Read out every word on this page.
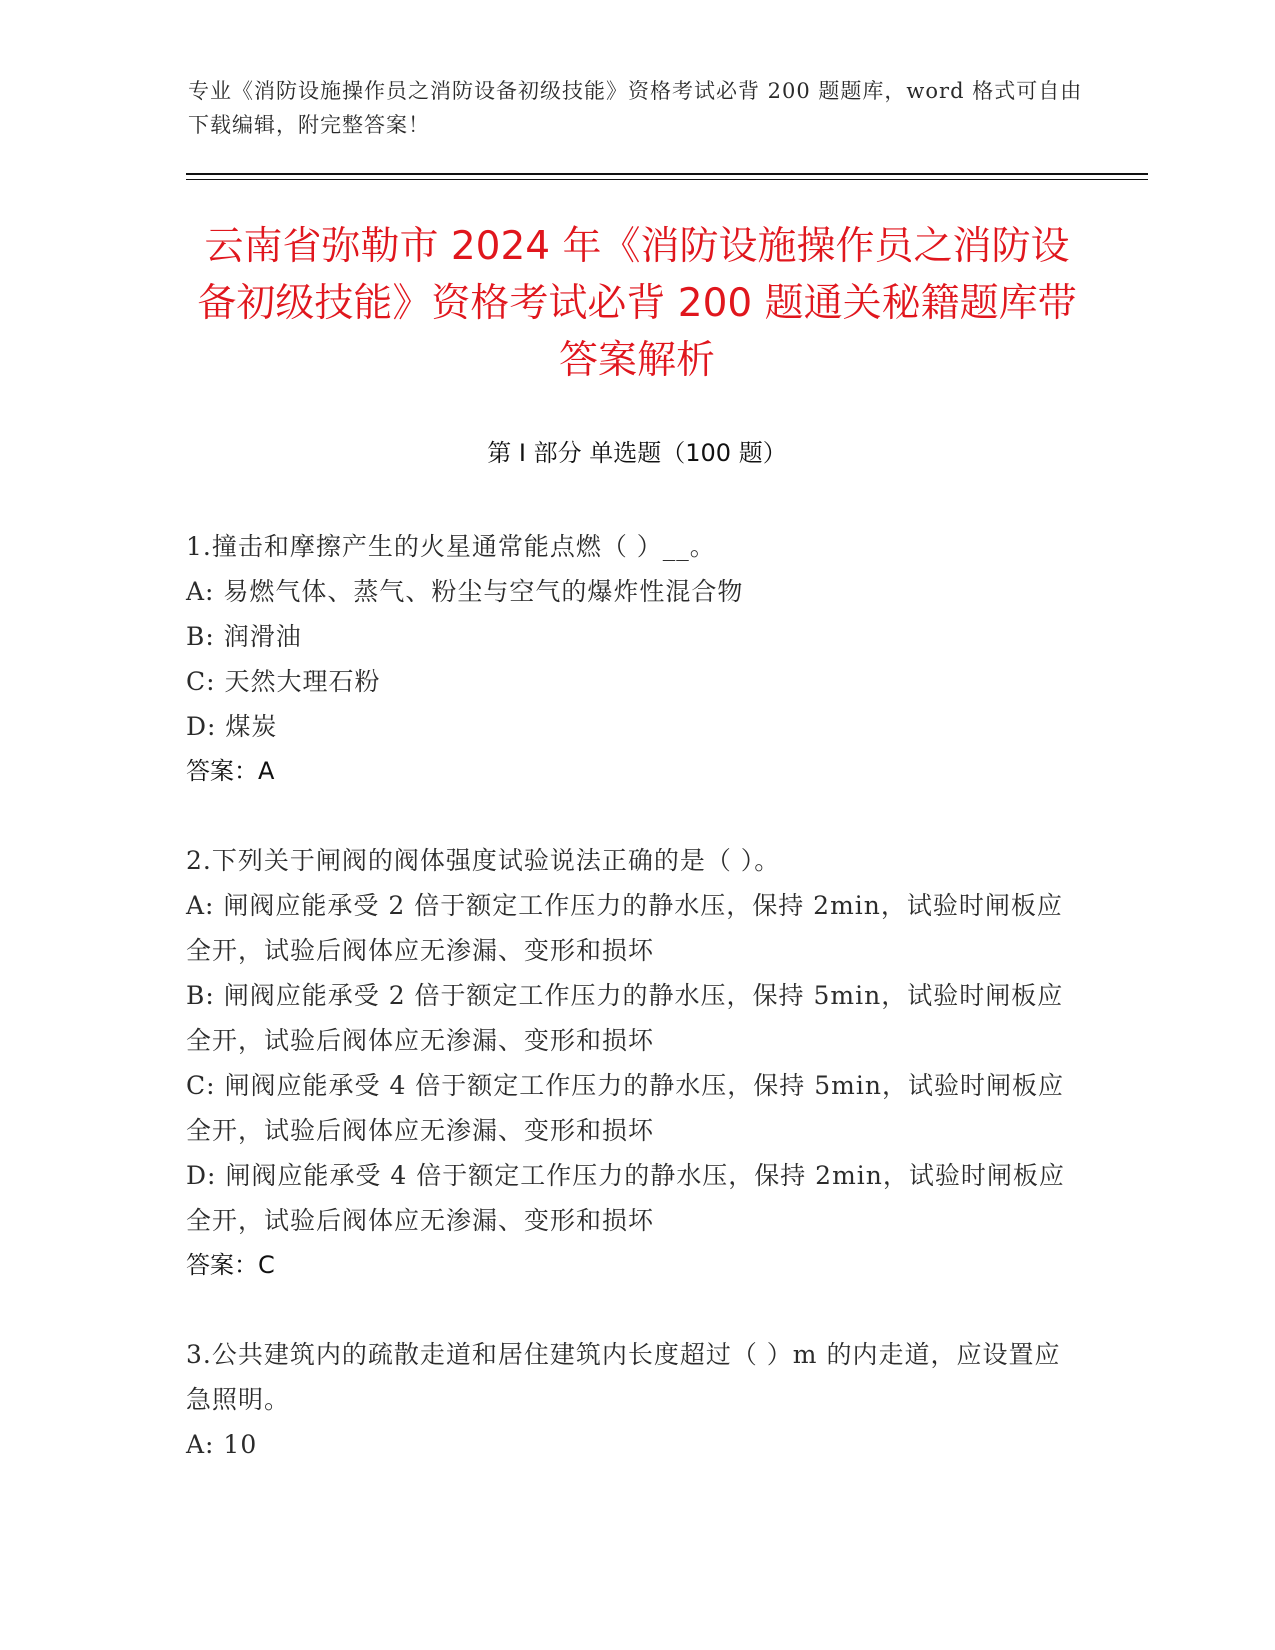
专业《消防设施操作员之消防设备初级技能》资格考试必背 200 题题库，word 格式可自由下载编辑，附完整答案！
云南省弥勒市 2024 年《消防设施操作员之消防设备初级技能》资格考试必背 200 题通关秘籍题库带答案解析
第 I 部分 单选题（100 题）

1.撞击和摩擦产生的火星通常能点燃（ ）__。

A: 易燃气体、蒸气、粉尘与空气的爆炸性混合物

B: 润滑油

C: 天然大理石粉

D: 煤炭

答案：A

2.下列关于闸阀的阀体强度试验说法正确的是（ ）。

A: 闸阀应能承受 2 倍于额定工作压力的静水压，保持 2min，试验时闸板应全开，试验后阀体应无渗漏、变形和损坏

B: 闸阀应能承受 2 倍于额定工作压力的静水压，保持 5min，试验时闸板应全开，试验后阀体应无渗漏、变形和损坏

C: 闸阀应能承受 4 倍于额定工作压力的静水压，保持 5min，试验时闸板应全开，试验后阀体应无渗漏、变形和损坏

D: 闸阀应能承受 4 倍于额定工作压力的静水压，保持 2min，试验时闸板应全开，试验后阀体应无渗漏、变形和损坏

答案：C

3.公共建筑内的疏散走道和居住建筑内长度超过（ ）m 的内走道，应设置应急照明。

A: 10
